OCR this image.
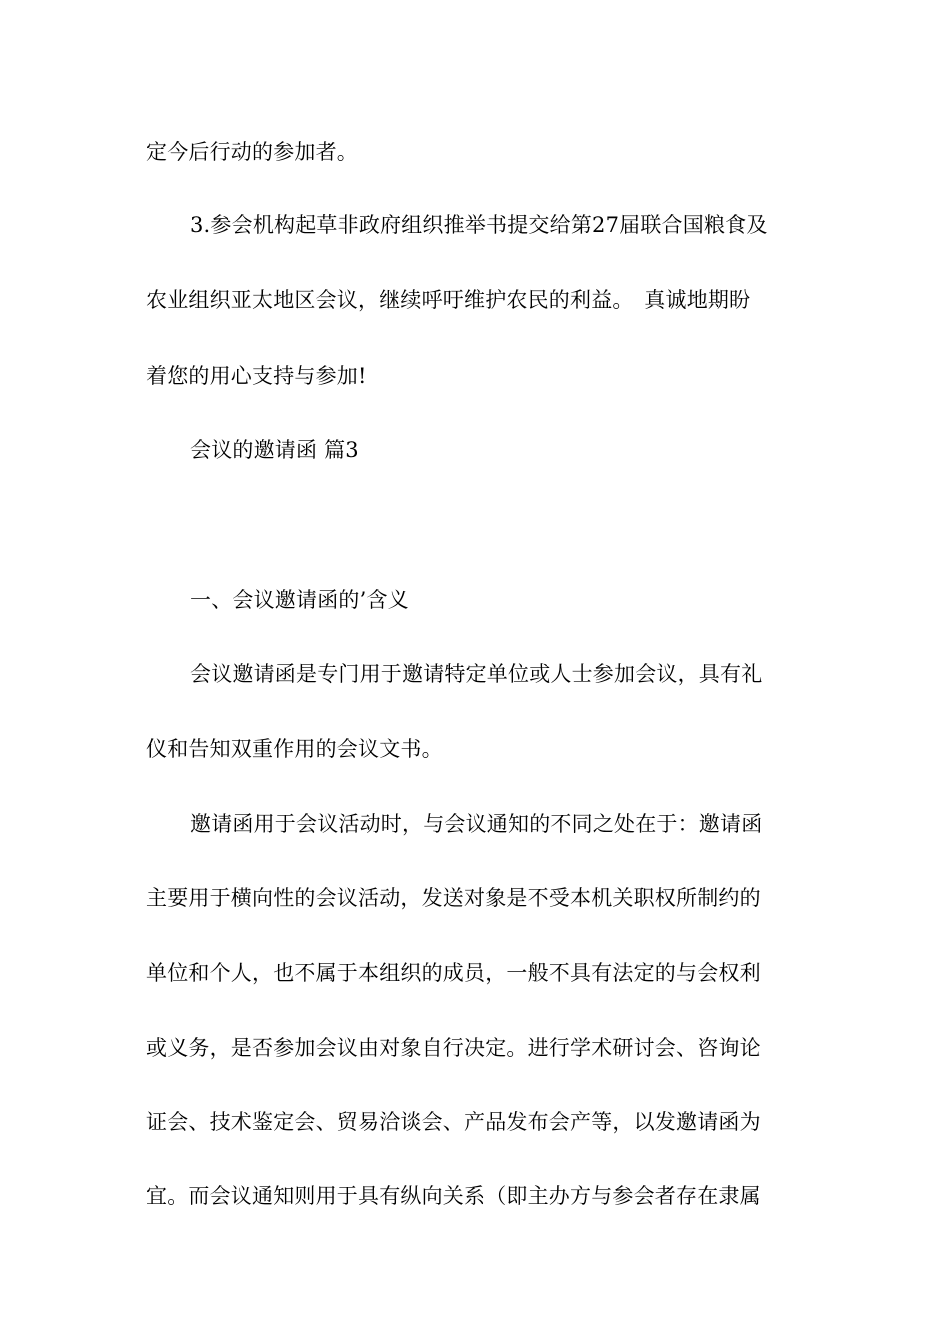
定今后行动的参加者。
3.参会机构起草非政府组织推举书提交给第27届联合国粮食及
农业组织亚太地区会议，继续呼吁维护农民的利益。　真诚地期盼
着您的用心支持与参加!
会议的邀请函 篇3
一、会议邀请函的’含义
会议邀请函是专门用于邀请特定单位或人士参加会议，具有礼
仪和告知双重作用的会议文书。
邀请函用于会议活动时，与会议通知的不同之处在于：邀请函
主要用于横向性的会议活动，发送对象是不受本机关职权所制约的
单位和个人，也不属于本组织的成员，一般不具有法定的与会权利
或义务，是否参加会议由对象自行决定。进行学术研讨会、咨询论
证会、技术鉴定会、贸易洽谈会、产品发布会产等，以发邀请函为
宜。而会议通知则用于具有纵向关系（即主办方与参会者存在隶属
